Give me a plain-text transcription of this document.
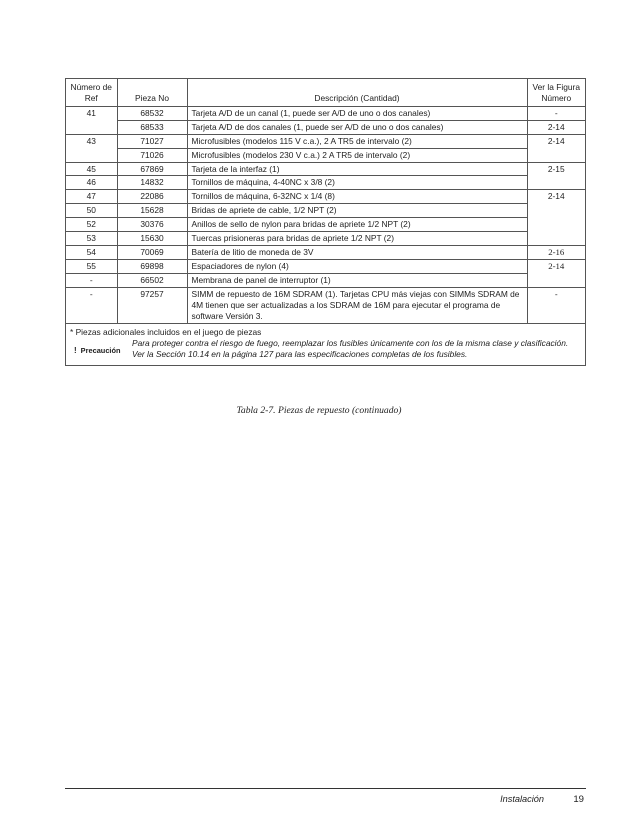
Número de Ref	Pieza No	Descripción (Cantidad)	Ver la Figura Número
41	68532	Tarjeta A/D de un canal (1, puede ser A/D de uno o dos canales)	-
	68533	Tarjeta A/D de dos canales (1, puede ser A/D de uno o dos canales)	2-14
43	71027	Microfusibles (modelos 115 V c.a.), 2 A TR5 de intervalo (2)	2-14
	71026	Microfusibles (modelos 230 V c.a.) 2 A TR5 de intervalo (2)	
45	67869	Tarjeta de la interfaz (1)	2-15
46	14832	Tornillos de máquina, 4-40NC x 3/8 (2)	
47	22086	Tornillos de máquina, 6-32NC x 1/4 (8)	2-14
50	15628	Bridas de apriete de cable, 1/2 NPT (2)	
52	30376	Anillos de sello de nylon para bridas de apriete 1/2 NPT (2)	
53	15630	Tuercas prisioneras para bridas de apriete 1/2 NPT (2)	
54	70069	Batería de litio de moneda de 3V	2-16
55	69898	Espaciadores de nylon (4)	2-14
-	66502	Membrana de panel de interruptor (1)	
-	97257	SIMM de repuesto de 16M SDRAM (1). Tarjetas CPU más viejas con SIMMs SDRAM de 4M tienen que ser actualizadas a los SDRAM de 16M para ejecutar el programa de software Versión 3.	-
* Piezas adicionales incluidos en el juego de piezas
! Precaución
Para proteger contra el riesgo de fuego, reemplazar los fusibles únicamente con los de la misma clase y clasificación. Ver la Sección 10.14 en la página 127 para las especificaciones completas de los fusibles.
Tabla 2-7. Piezas de repuesto (continuado)
Instalación	19
